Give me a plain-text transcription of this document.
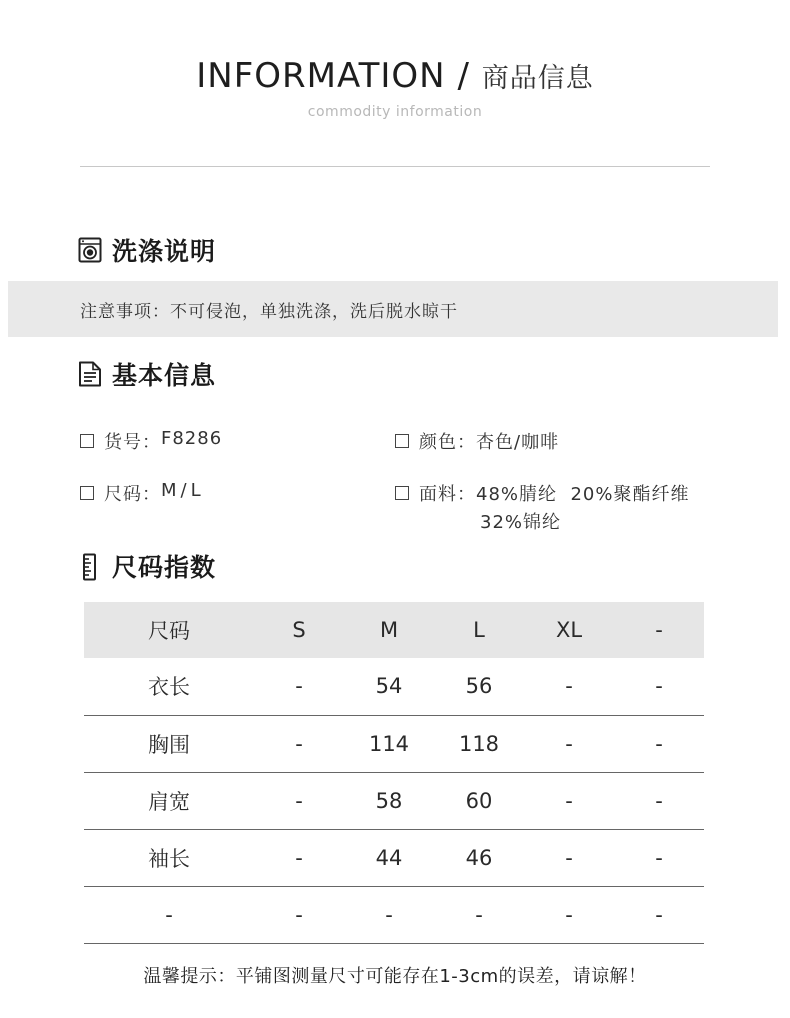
INFORMATION / 商品信息
commodity information
洗涤说明
注意事项：不可侵泡，单独洗涤，洗后脱水晾干
基本信息
货号： F8286	颜色： 杏色/咖啡
尺码： M/L	面料： 48%腈纶  20%聚酯纤维
32%锦纶
尺码指数
尺码	S	M	L	XL	-
衣长	-	54	56	-	-
胸围	-	114	118	-	-
肩宽	-	58	60	-	-
袖长	-	44	46	-	-
-	-	-	-	-	-
温馨提示：平铺图测量尺寸可能存在1-3cm的误差，请谅解！
